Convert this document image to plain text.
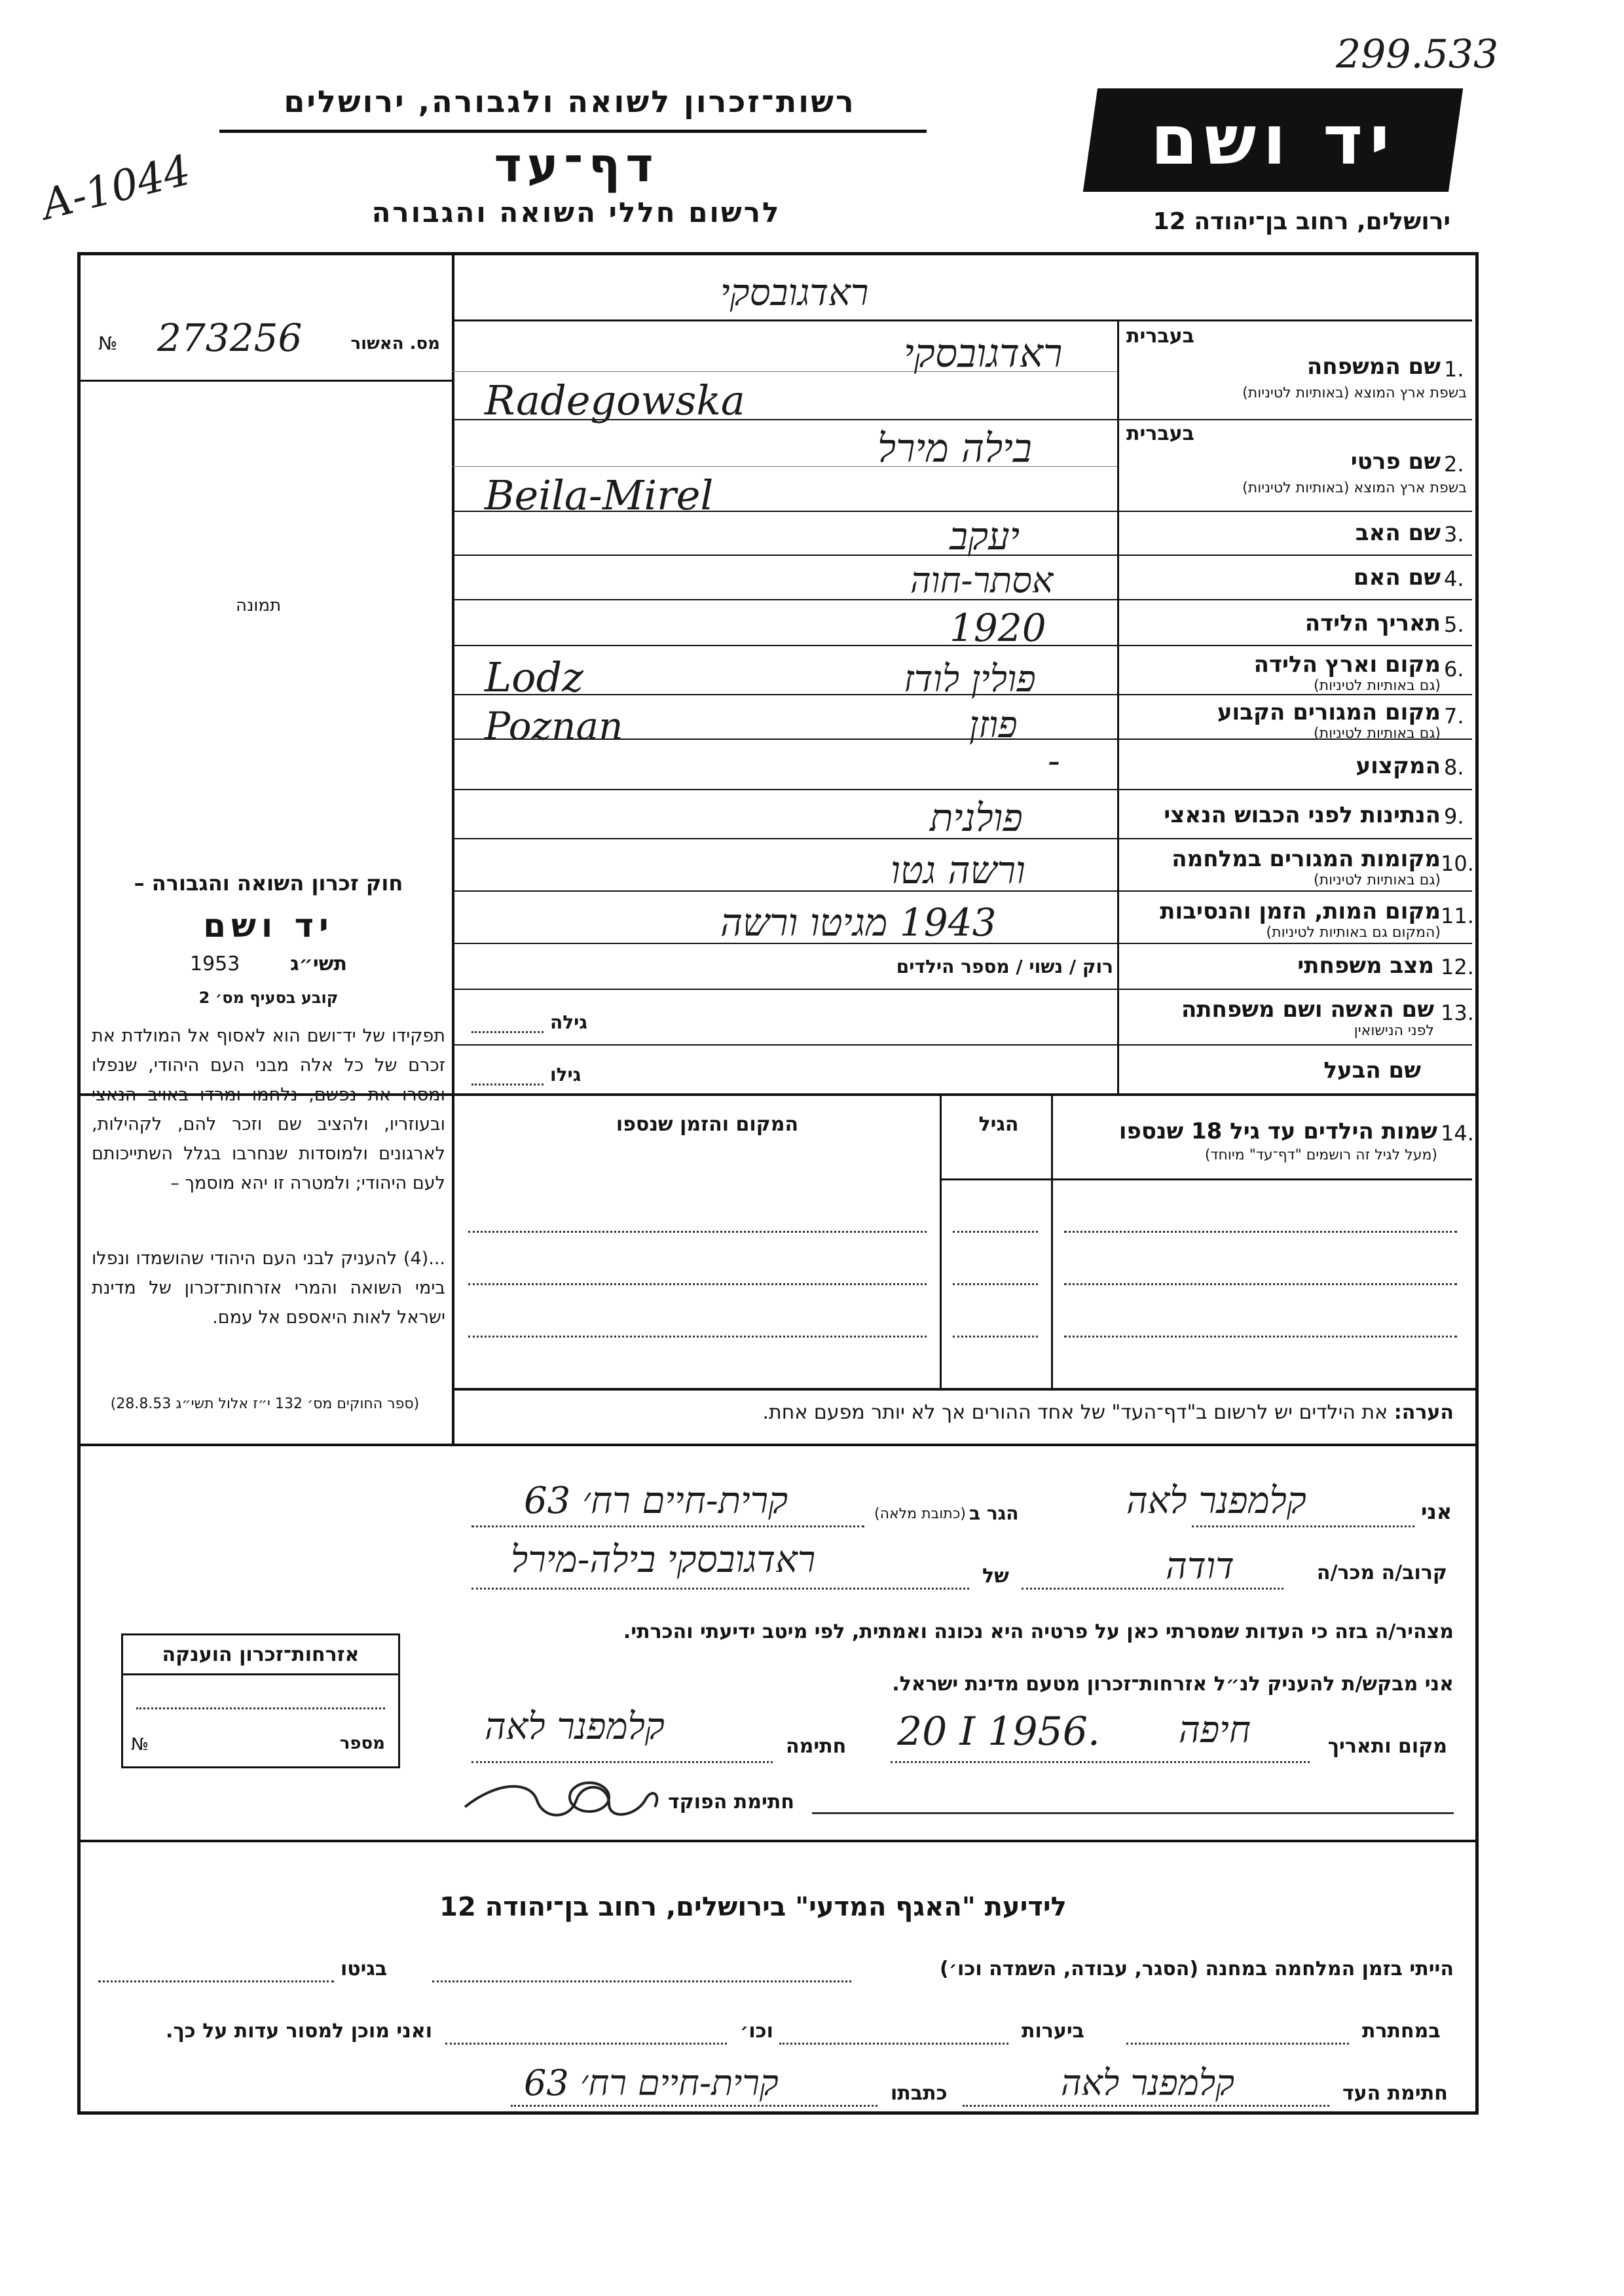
299.533
A-1044
רשות־זכרון לשואה ולגבורה, ירושלים
דף־עד
לרשום חללי השואה והגבורה
יד ושם
ירושלים, רחוב בן־יהודה 12
ראדגובסקי
№ 273256	מס. האשור
תמונה
בעברית
1.
שם המשפחה
בשפת ארץ המוצא (באותיות לטיניות)
ראדגובסקי
Radegowska
בעברית
2.
שם פרטי
בשפת ארץ המוצא (באותיות לטיניות)
בילה מירל
Beila-Mirel
3.
שם האב
יעקב
4.
שם האם
אסתר-חוה
5.
תאריך הלידה
1920
6.
מקום וארץ הלידה
(גם באותיות לטיניות)
פולין לודז
Lodz
7.
מקום המגורים הקבוע
(גם באותיות לטיניות)
פוזן
Poznan
8.
המקצוע
-
9.
הנתינות לפני הכבוש הנאצי
פולנית
10.
מקומות המגורים במלחמה
(גם באותיות לטיניות)
ורשה גטו
11.
מקום המות, הזמן והנסיבות
(המקום גם באותיות לטיניות)
1943 מגיטו ורשה
12.
מצב משפחתי
רוק / נשוי / מספר הילדים
13.
שם האשה ושם משפחתה
לפני הנישואין
גילה
שם הבעל
גילו
14.
שמות הילדים עד גיל 18 שנספו
(מעל לגיל זה רושמים "דף־עד" מיוחד)
הגיל
המקום והזמן שנספו
חוק זכרון השואה והגבורה –
יד ושם
1953	תשי״ג
קובע בסעיף מס׳ 2
תפקידו של יד־ושם הוא לאסוף אל המולדת את זכרם של כל אלה מבני העם היהודי, שנפלו ומסרו את נפשם, נלחמו ומרדו באויב הנאצי ובעוזריו, ולהציב שם וזכר להם, לקהילות, לארגונים ולמוסדות שנחרבו בגלל השתייכותם לעם היהודי; ולמטרה זו יהא מוסמך –
...(4) להעניק לבני העם היהודי שהושמדו ונפלו בימי השואה והמרי אזרחות־זכרון של מדינת ישראל לאות היאספם אל עמם.
(ספר החוקים מס׳ 132 י״ז אלול תשי״ג 28.8.53)	הערה: את הילדים יש לרשום ב"דף־העד" של אחד ההורים אך לא יותר מפעם אחת.
אני
קלמפנר לאה
הגר ב
(כתובת מלאה)
קרית-חיים רח׳ 63
קרוב/ה מכר/ה
דודה
של
ראדגובסקי בילה-מירל
מצהיר/ה בזה כי העדות שמסרתי כאן על פרטיה היא נכונה ואמתית, לפי מיטב ידיעתי והכרתי.
אני מבקש/ת להעניק לנ״ל אזרחות־זכרון מטעם מדינת ישראל.
מקום ותאריך
חיפה
20 I 1956.
חתימה
קלמפנר לאה
חתימת הפוקד
אזרחות־זכרון הוענקה
№	מספר
לידיעת "האגף המדעי" בירושלים, רחוב בן־יהודה 12
הייתי בזמן המלחמה במחנה (הסגר, עבודה, השמדה וכו׳)
בגיטו
במחתרת
ביערות
וכו׳
ואני מוכן למסור עדות על כך.
חתימת העד
קלמפנר לאה
כתבתו
קרית-חיים רח׳ 63
